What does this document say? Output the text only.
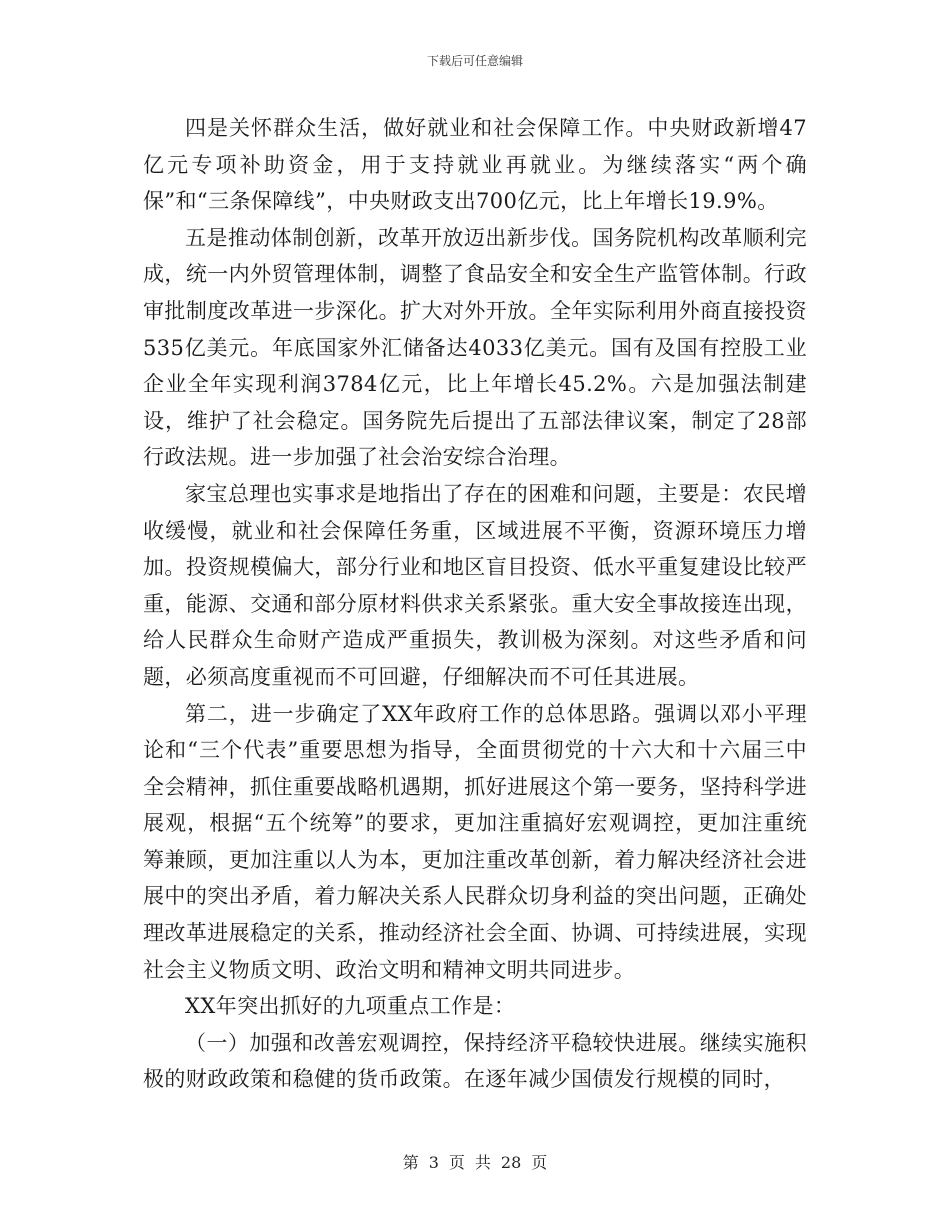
下载后可任意编辑

四是关怀群众生活，做好就业和社会保障工作。中央财政新增47亿元专项补助资金，用于支持就业再就业。为继续落实“两个确保”和“三条保障线”，中央财政支出700亿元，比上年增长19.9%。

五是推动体制创新，改革开放迈出新步伐。国务院机构改革顺利完成，统一内外贸管理体制，调整了食品安全和安全生产监管体制。行政审批制度改革进一步深化。扩大对外开放。全年实际利用外商直接投资535亿美元。年底国家外汇储备达4033亿美元。国有及国有控股工业企业全年实现利润3784亿元，比上年增长45.2%。六是加强法制建设，维护了社会稳定。国务院先后提出了五部法律议案，制定了28部行政法规。进一步加强了社会治安综合治理。

家宝总理也实事求是地指出了存在的困难和问题，主要是：农民增收缓慢，就业和社会保障任务重，区域进展不平衡，资源环境压力增加。投资规模偏大，部分行业和地区盲目投资、低水平重复建设比较严重，能源、交通和部分原材料供求关系紧张。重大安全事故接连出现，给人民群众生命财产造成严重损失，教训极为深刻。对这些矛盾和问题，必须高度重视而不可回避，仔细解决而不可任其进展。

第二，进一步确定了XX年政府工作的总体思路。强调以邓小平理论和“三个代表”重要思想为指导，全面贯彻党的十六大和十六届三中全会精神，抓住重要战略机遇期，抓好进展这个第一要务，坚持科学进展观，根据“五个统筹”的要求，更加注重搞好宏观调控，更加注重统筹兼顾，更加注重以人为本，更加注重改革创新，着力解决经济社会进展中的突出矛盾，着力解决关系人民群众切身利益的突出问题，正确处理改革进展稳定的关系，推动经济社会全面、协调、可持续进展，实现社会主义物质文明、政治文明和精神文明共同进步。

XX年突出抓好的九项重点工作是：

（一）加强和改善宏观调控，保持经济平稳较快进展。继续实施积极的财政政策和稳健的货币政策。在逐年减少国债发行规模的同时，

第 3 页 共 28 页
